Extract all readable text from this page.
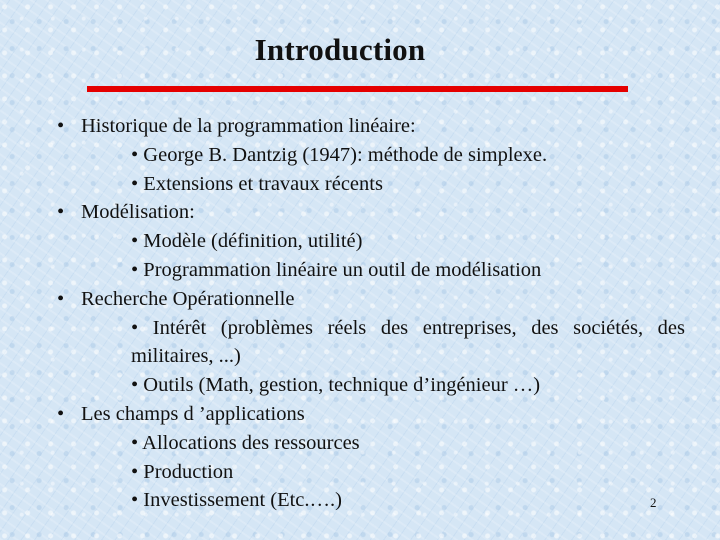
Introduction
• Historique de la programmation linéaire:
• George B. Dantzig (1947): méthode de simplexe.
• Extensions et travaux récents
• Modélisation:
• Modèle (définition, utilité)
• Programmation linéaire un outil de modélisation
• Recherche Opérationnelle
• Intérêt (problèmes réels des entreprises, des sociétés, des militaires, ...)
• Outils (Math, gestion, technique d’ingénieur …)
• Les champs d ’applications
• Allocations des ressources
• Production
• Investissement (Etc.….)	2
